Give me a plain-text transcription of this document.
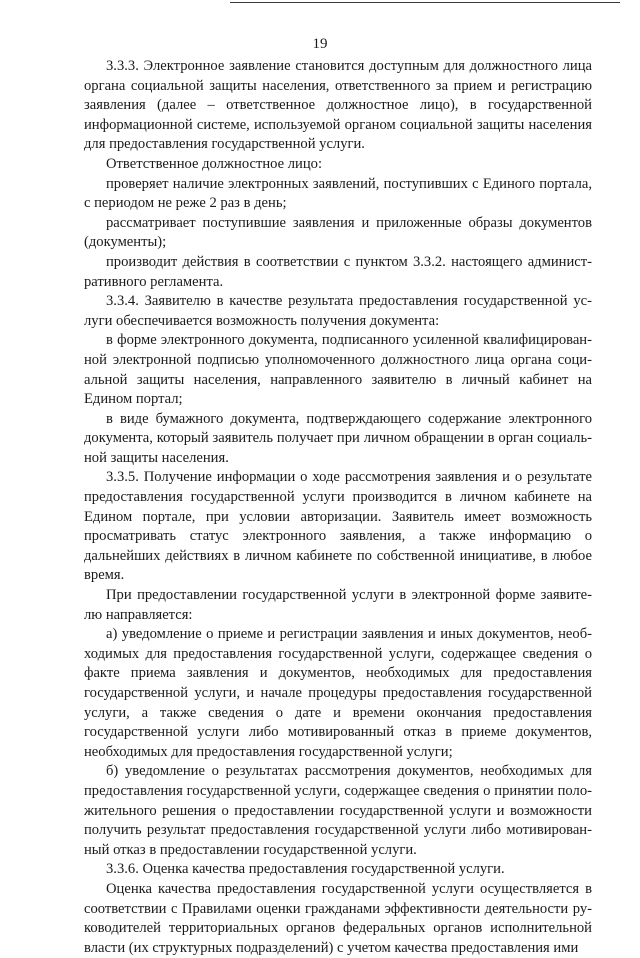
19

3.3.3. Электронное заявление становится доступным для должностного лица органа социальной защиты населения, ответственного за прием и регистрацию заявления (далее – ответственное должностное лицо), в государственной информационной системе, используемой органом социальной защиты населения для предоставления государственной услуги.

Ответственное должностное лицо:

проверяет наличие электронных заявлений, поступивших с Единого портала, с периодом не реже 2 раз в день;

рассматривает поступившие заявления и приложенные образы документов (документы);

производит действия в соответствии с пунктом 3.3.2. настоящего административного регламента.

3.3.4. Заявителю в качестве результата предоставления государственной услуги обеспечивается возможность получения документа:

в форме электронного документа, подписанного усиленной квалифицированной электронной подписью уполномоченного должностного лица органа социальной защиты населения, направленного заявителю в личный кабинет на Едином портал;

в виде бумажного документа, подтверждающего содержание электронного документа, который заявитель получает при личном обращении в орган социальной защиты населения.

3.3.5. Получение информации о ходе рассмотрения заявления и о результате предоставления государственной услуги производится в личном кабинете на Едином портале, при условии авторизации. Заявитель имеет возможность просматривать статус электронного заявления, а также информацию о дальнейших действиях в личном кабинете по собственной инициативе, в любое время.

При предоставлении государственной услуги в электронной форме заявителю направляется:

а) уведомление о приеме и регистрации заявления и иных документов, необходимых для предоставления государственной услуги, содержащее сведения о факте приема заявления и документов, необходимых для предоставления государственной услуги, и начале процедуры предоставления государственной услуги, а также сведения о дате и времени окончания предоставления государственной услуги либо мотивированный отказ в приеме документов, необходимых для предоставления государственной услуги;

б) уведомление о результатах рассмотрения документов, необходимых для предоставления государственной услуги, содержащее сведения о принятии положительного решения о предоставлении государственной услуги и возможности получить результат предоставления государственной услуги либо мотивированный отказ в предоставлении государственной услуги.

3.3.6. Оценка качества предоставления государственной услуги.

Оценка качества предоставления государственной услуги осуществляется в соответствии с Правилами оценки гражданами эффективности деятельности руководителей территориальных органов федеральных органов исполнительной власти (их структурных подразделений) с учетом качества предоставления ими
